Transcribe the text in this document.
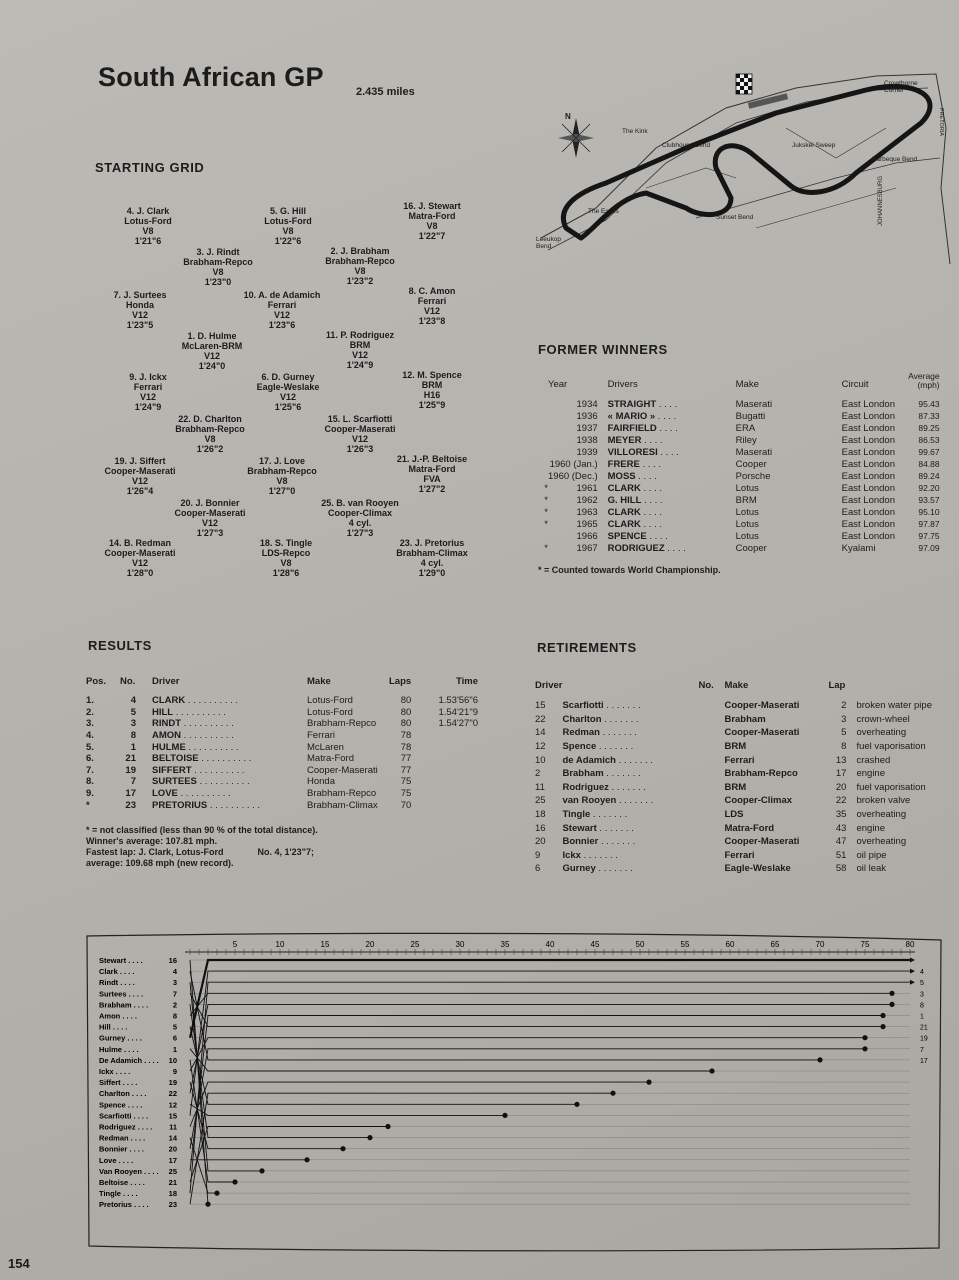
South African GP	2.435 miles
N
Crowthorne Corner
The Kink
Clubhouse Bend	Jukskei Sweep
Barbeque Bend
The Esses
Sunset Bend
Leeukop Bend
JOHANNESBURG
PRETORIA
STARTING GRID
4. J. Clark
Lotus-Ford
V8
1'21"6
5. G. Hill
Lotus-Ford
V8
1'22"6
16. J. Stewart
Matra-Ford
V8
1'22"7
3. J. Rindt
Brabham-Repco
V8
1'23"0
2. J. Brabham
Brabham-Repco
V8
1'23"2
7. J. Surtees
Honda
V12
1'23"5
10. A. de Adamich
Ferrari
V12
1'23"6
8. C. Amon
Ferrari
V12
1'23"8
1. D. Hulme
McLaren-BRM
V12
1'24"0
11. P. Rodriguez
BRM
V12
1'24"9
9. J. Ickx
Ferrari
V12
1'24"9
6. D. Gurney
Eagle-Weslake
V12
1'25"6
12. M. Spence
BRM
H16
1'25"9
22. D. Charlton
Brabham-Repco
V8
1'26"2
15. L. Scarfiotti
Cooper-Maserati
V12
1'26"3
19. J. Siffert
Cooper-Maserati
V12
1'26"4
17. J. Love
Brabham-Repco
V8
1'27"0
21. J.-P. Beltoise
Matra-Ford
FVA
1'27"2
20. J. Bonnier
Cooper-Maserati
V12
1'27"3
25. B. van Rooyen
Cooper-Climax
4 cyl.
1'27"3
14. B. Redman
Cooper-Maserati
V12
1'28"0
18. S. Tingle
LDS-Repco
V8
1'28"6
23. J. Pretorius
Brabham-Climax
4 cyl.
1'29"0
FORMER WINNERS
	Year	Drivers	Make	Circuit	Average
(mph)

	1934	STRAIGHT . . . .	Maserati	East London	95.43
	1936	« MARIO » . . . .	Bugatti	East London	87.33
	1937	FAIRFIELD . . . .	ERA	East London	89.25
	1938	MEYER . . . .	Riley	East London	86.53
	1939	VILLORESI . . . .	Maserati	East London	99.67
	1960 (Jan.)	FRERE . . . .	Cooper	East London	84.88
	1960 (Dec.)	MOSS . . . .	Porsche	East London	89.24
*	1961	CLARK . . . .	Lotus	East London	92.20
*	1962	G. HILL . . . .	BRM	East London	93.57
*	1963	CLARK . . . .	Lotus	East London	95.10
*	1965	CLARK . . . .	Lotus	East London	97.87
	1966	SPENCE . . . .	Lotus	East London	97.75
*	1967	RODRIGUEZ . . . .	Cooper	Kyalami	97.09
* = Counted towards World Championship.
RESULTS
Pos.	No.	Driver	Make	Laps	Time
1.	4	CLARK . . . . . . . . . .	Lotus-Ford	80	1.53'56"6
2.	5	HILL . . . . . . . . . .	Lotus-Ford	80	1.54'21"9
3.	3	RINDT . . . . . . . . . .	Brabham-Repco	80	1.54'27"0
4.	8	AMON . . . . . . . . . .	Ferrari	78	
5.	1	HULME . . . . . . . . . .	McLaren	78	
6.	21	BELTOISE . . . . . . . . . .	Matra-Ford	77	
7.	19	SIFFERT . . . . . . . . . .	Cooper-Maserati	77	
8.	7	SURTEES . . . . . . . . . .	Honda	75	
9.	17	LOVE . . . . . . . . . .	Brabham-Repco	75	
*	23	PRETORIUS . . . . . . . . . .	Brabham-Climax	70	
* = not classified (less than 90 % of the total distance).
Winner's average: 107.81 mph.
Fastest lap: J. Clark, Lotus-Ford	No. 4, 1'23"7;
average: 109.68 mph (new record).
RETIREMENTS
Driver		No.	Make	Lap	
15	Scarfiotti . . . . . . .		Cooper-Maserati	2	broken water pipe
22	Charlton . . . . . . .		Brabham	3	crown-wheel
14	Redman . . . . . . .		Cooper-Maserati	5	overheating
12	Spence . . . . . . .		BRM	8	fuel vaporisation
10	de Adamich . . . . . . .		Ferrari	13	crashed
2	Brabham . . . . . . .		Brabham-Repco	17	engine
11	Rodriguez . . . . . . .		BRM	20	fuel vaporisation
25	van Rooyen . . . . . . .		Cooper-Climax	22	broken valve
18	Tingle . . . . . . .		LDS	35	overheating
16	Stewart . . . . . . .		Matra-Ford	43	engine
20	Bonnier . . . . . . .		Cooper-Maserati	47	overheating
9	Ickx . . . . . . .		Ferrari	51	oil pipe
6	Gurney . . . . . . .		Eagle-Weslake	58	oil leak
5	10	15	20	25	30	35	40	45	50	55	60	65	70	75	80
Stewart . . . .	16
Clark . . . .	4
Rindt . . . .	3
Surtees . . . .	7
Brabham . . . .	2
Amon . . . .	8
Hill . . . .	5
Gurney . . . .	6
Hulme . . . .	1
De Adamich . . . . 10
Ickx . . . .	9
Siffert . . . .	19
Charlton . . . .	22
Spence . . . .	12
Scarfiotti . . . .	15
Rodriguez . . . . 11
Redman . . . .	14
Bonnier . . . .	20
Love . . . .	17
Van Rooyen . . . . 25
Beltoise . . . .	21
Tingle . . . .	18
Pretorius . . . .	23
4
5
3
8
1
21
19
7
17
154
